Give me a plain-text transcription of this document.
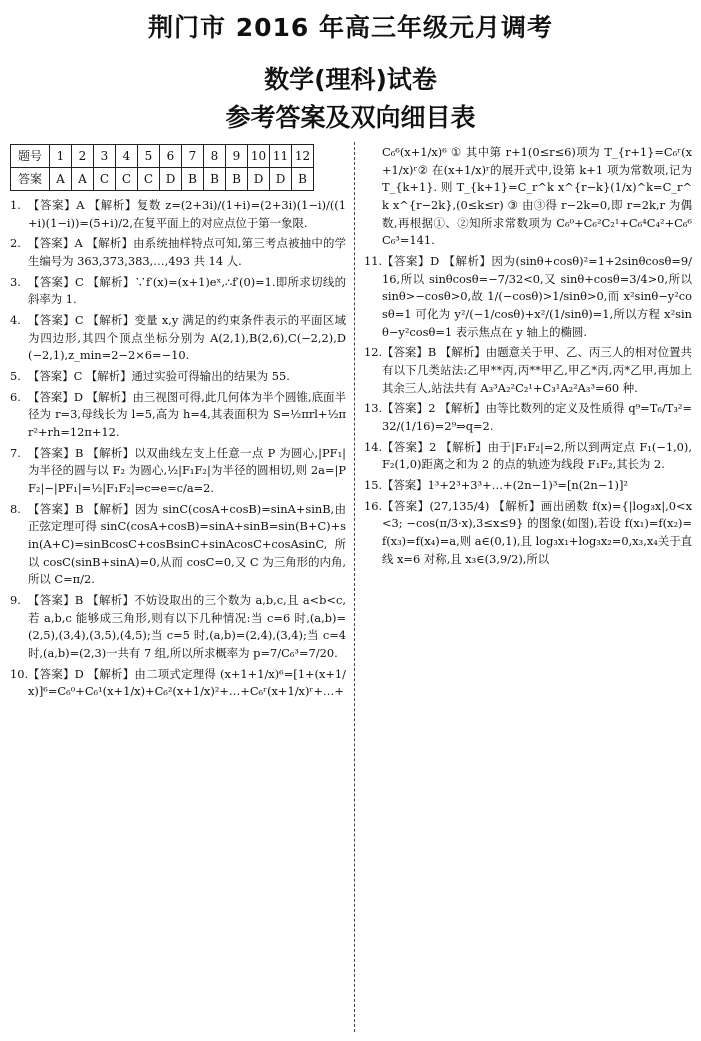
荆门市 2016 年高三年级元月调考
数学(理科)试卷
参考答案及双向细目表
题号	1	2	3	4	5	6	7	8	9	10	11	12
答案	A	A	C	C	C	D	B	B	B	D	D	B
1. 【答案】A 【解析】复数 z=(2+3i)/(1+i)=(2+3i)(1−i)/((1+i)(1−i))=(5+i)/2,在复平面上的对应点位于第一象限.
2. 【答案】A 【解析】由系统抽样特点可知,第三考点被抽中的学生编号为 363,373,383,…,493 共 14 人.
3. 【答案】C 【解析】∵f′(x)=(x+1)eˣ,∴f′(0)=1.即所求切线的斜率为 1.
4. 【答案】C 【解析】变量 x,y 满足的约束条件表示的平面区域为四边形,其四个顶点坐标分别为 A(2,1),B(2,6),C(−2,2),D(−2,1),z_min=2−2×6=−10.
5. 【答案】C 【解析】通过实验可得输出的结果为 55.
6. 【答案】D 【解析】由三视图可得,此几何体为半个圆锥,底面半径为 r=3,母线长为 l=5,高为 h=4,其表面积为 S=½πrl+½πr²+rh=12π+12.
7. 【答案】B 【解析】以双曲线左支上任意一点 P 为圆心,|PF₁|为半径的圆与以 F₂ 为圆心,½|F₁F₂|为半径的圆相切,则 2a=|PF₂|−|PF₁|=½|F₁F₂|⇒c⇒e=c/a=2.
8. 【答案】B 【解析】因为 sinC(cosA+cosB)=sinA+sinB,由正弦定理可得 sinC(cosA+cosB)=sinA+sinB=sin(B+C)+sin(A+C)=sinBcosC+cosBsinC+sinAcosC+cosAsinC,所以 cosC(sinB+sinA)=0,从而 cosC=0,又 C 为三角形的内角,所以 C=π/2.
9. 【答案】B 【解析】不妨设取出的三个数为 a,b,c,且 a<b<c,若 a,b,c 能够成三角形,则有以下几种情况:当 c=6 时,(a,b)=(2,5),(3,4),(3,5),(4,5);当 c=5 时,(a,b)=(2,4),(3,4);当 c=4 时,(a,b)=(2,3)一共有 7 组,所以所求概率为 p=7/C₆³=7/20.
10. 【答案】D 【解析】由二项式定理得 (x+1+1/x)⁶=[1+(x+1/x)]⁶=C₆⁰+C₆¹(x+1/x)+C₆²(x+1/x)²+…+C₆ʳ(x+1/x)ʳ+…+
C₆⁶(x+1/x)⁶ ① 其中第 r+1(0≤r≤6)项为 T_{r+1}=C₆ʳ(x+1/x)ʳ② 在(x+1/x)ʳ的展开式中,设第 k+1 项为常数项,记为 T_{k+1}. 则 T_{k+1}=C_r^k x^{r−k}(1/x)^k=C_r^k x^{r−2k},(0≤k≤r) ③ 由③得 r−2k=0,即 r=2k,r 为偶数,再根据①、②知所求常数项为 C₆⁰+C₆²C₂¹+C₆⁴C₄²+C₆⁶C₆³=141.
11. 【答案】D 【解析】因为(sinθ+cosθ)²=1+2sinθcosθ=9/16,所以 sinθcosθ=−7/32<0,又 sinθ+cosθ=3/4>0,所以 sinθ>−cosθ>0,故 1/(−cosθ)>1/sinθ>0,而 x²sinθ−y²cosθ=1 可化为 y²/(−1/cosθ)+x²/(1/sinθ)=1,所以方程 x²sinθ−y²cosθ=1 表示焦点在 y 轴上的椭圆.
12. 【答案】B 【解析】由题意关于甲、乙、丙三人的相对位置共有以下几类站法:乙甲**丙,丙**甲乙,甲乙*丙,丙*乙甲,再加上其余三人,站法共有 A₃³A₂²C₂¹+C₃¹A₂²A₃³=60 种.
13. 【答案】2 【解析】由等比数列的定义及性质得 q⁹=T₆/T₃²=32/(1/16)=2⁹⇒q=2.
14. 【答案】2 【解析】由于|F₁F₂|=2,所以到两定点 F₁(−1,0),F₂(1,0)距离之和为 2 的点的轨迹为线段 F₁F₂,其长为 2.
15. 【答案】1³+2³+3³+…+(2n−1)³=[n(2n−1)]²
16. 【答案】(27,135/4) 【解析】画出函数 f(x)={|log₃x|,0<x<3; −cos(π/3·x),3≤x≤9} 的图象(如图),若设 f(x₁)=f(x₂)=f(x₃)=f(x₄)=a,则 a∈(0,1),且 log₃x₁+log₃x₂=0,x₃,x₄关于直线 x=6 对称,且 x₃∈(3,9/2),所以
